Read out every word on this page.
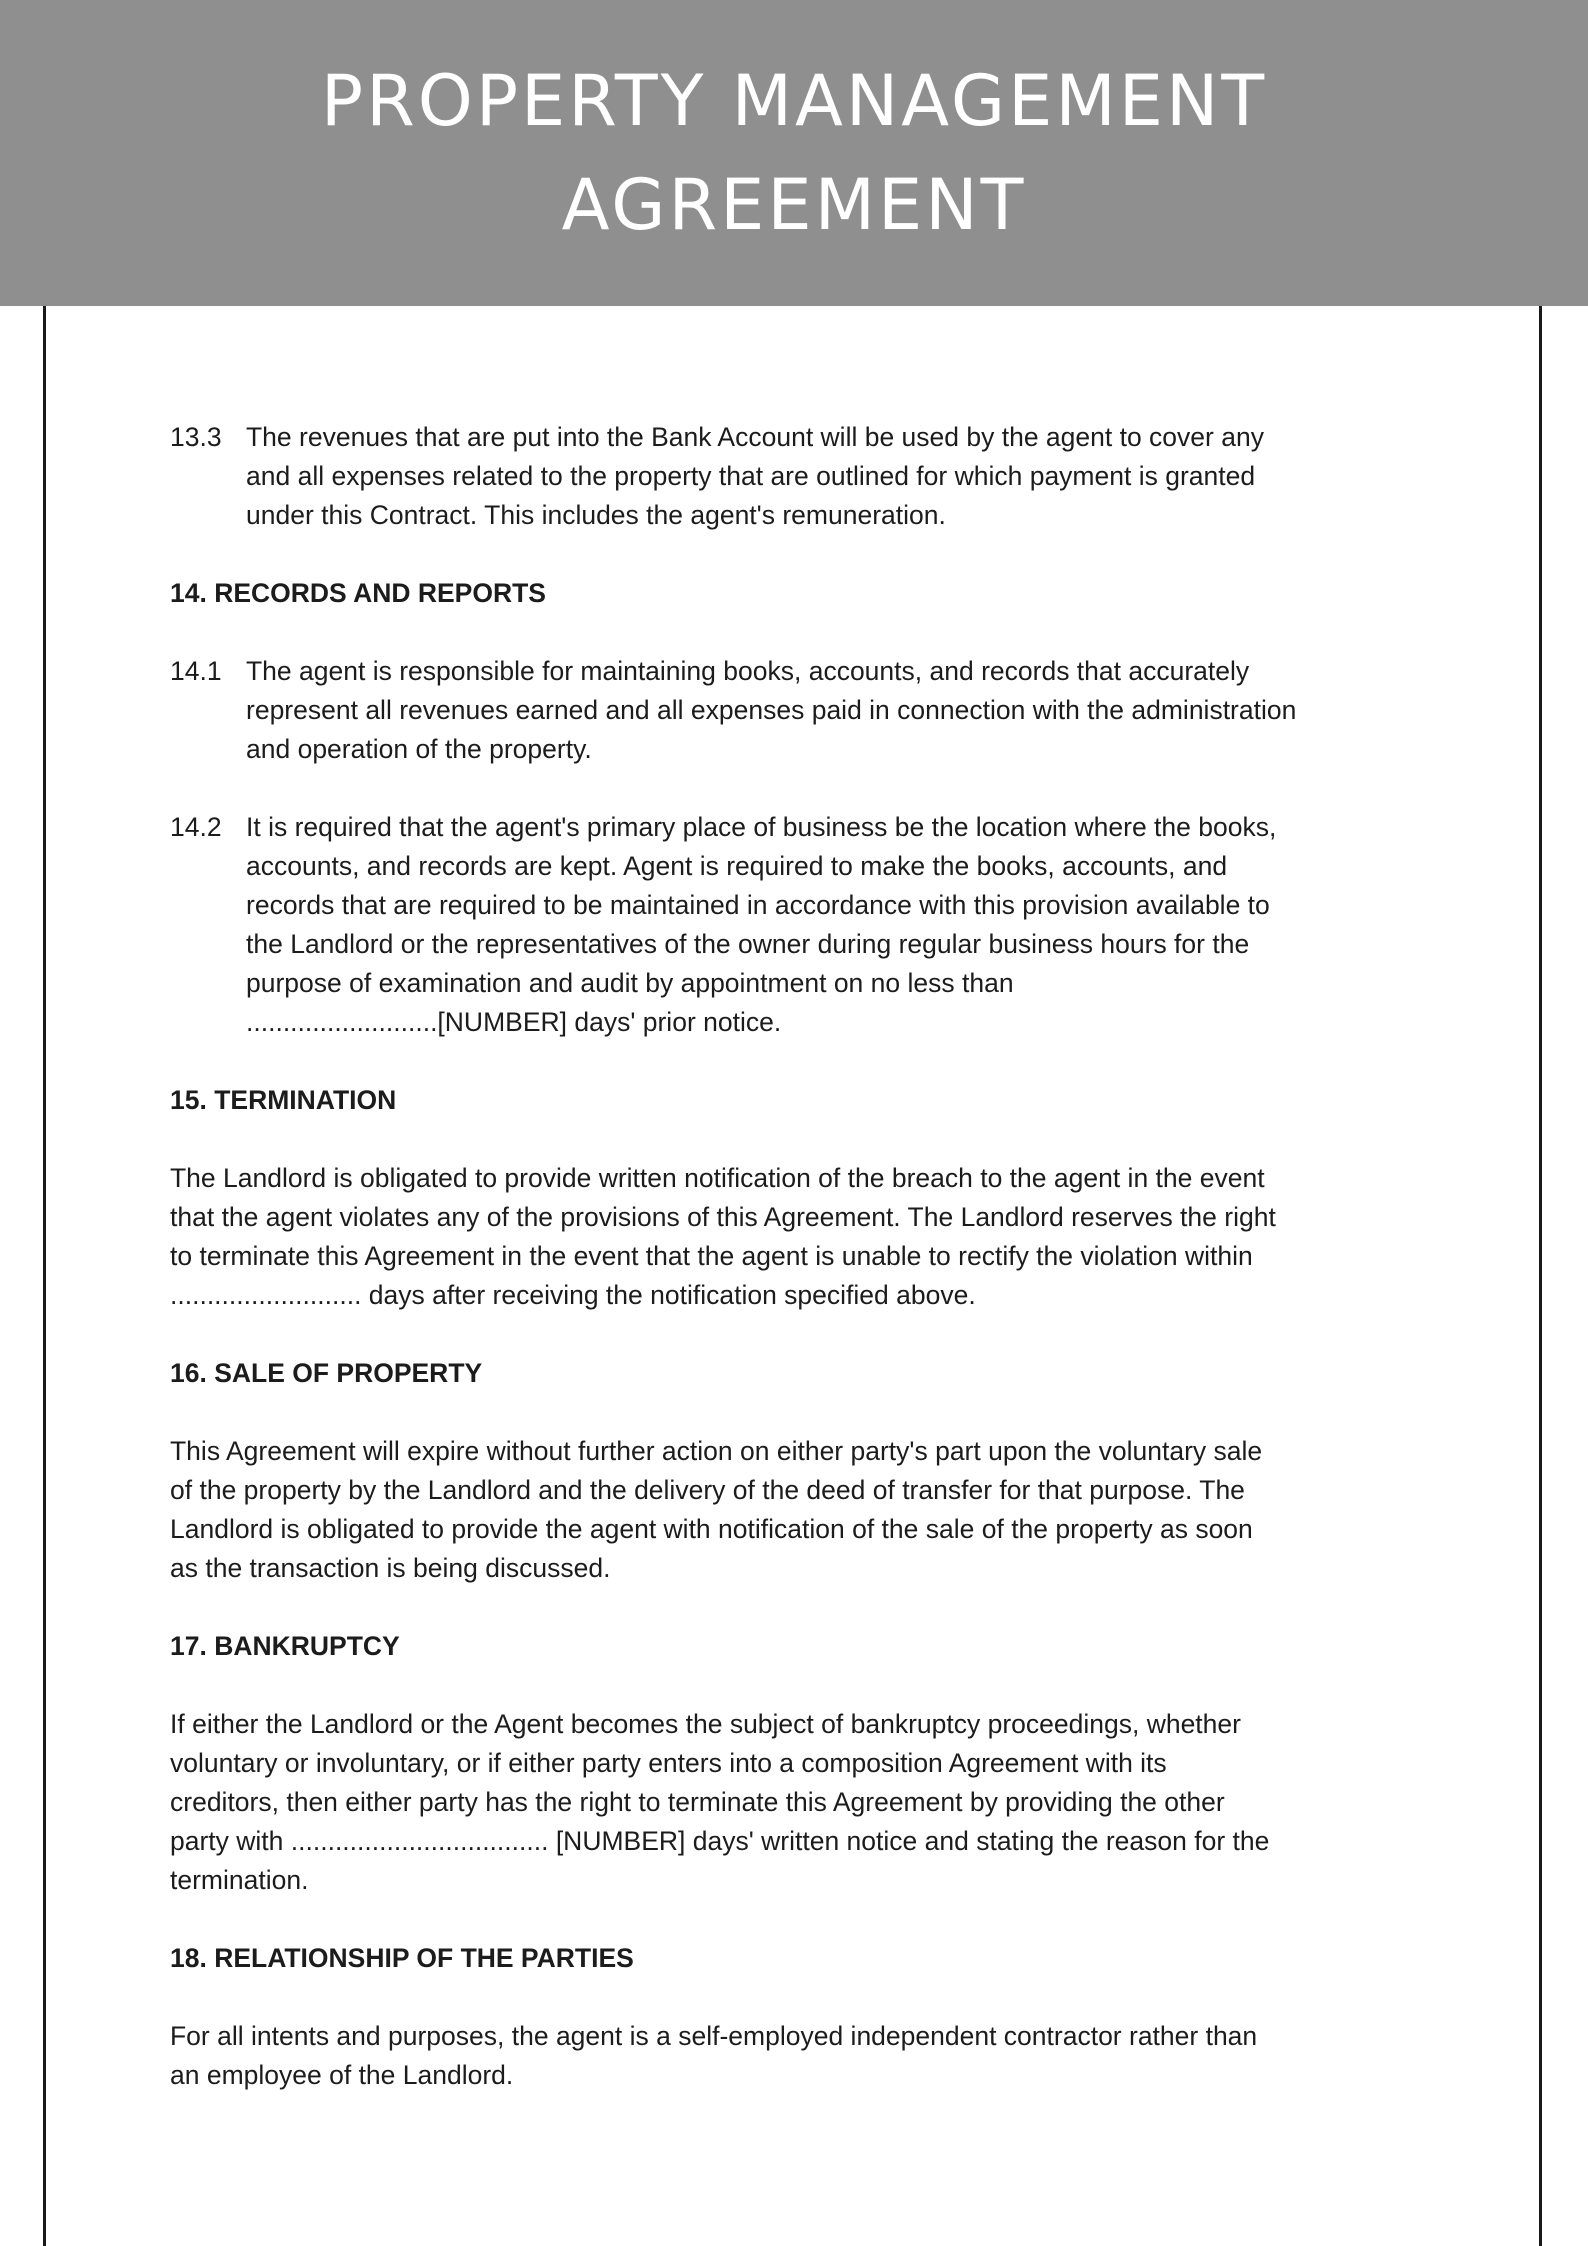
PROPERTY MANAGEMENT
AGREEMENT
13.3 The revenues that are put into the Bank Account will be used by the agent to cover any
and all expenses related to the property that are outlined for which payment is granted
under this Contract. This includes the agent's remuneration.
14. RECORDS AND REPORTS
14.1 The agent is responsible for maintaining books, accounts, and records that accurately
represent all revenues earned and all expenses paid in connection with the administration
and operation of the property.
14.2 It is required that the agent's primary place of business be the location where the books,
accounts, and records are kept. Agent is required to make the books, accounts, and
records that are required to be maintained in accordance with this provision available to
the Landlord or the representatives of the owner during regular business hours for the
purpose of examination and audit by appointment on no less than
..........................[NUMBER] days' prior notice.
15. TERMINATION
The Landlord is obligated to provide written notification of the breach to the agent in the event
that the agent violates any of the provisions of this Agreement. The Landlord reserves the right
to terminate this Agreement in the event that the agent is unable to rectify the violation within
.......................... days after receiving the notification specified above.
16. SALE OF PROPERTY
This Agreement will expire without further action on either party's part upon the voluntary sale
of the property by the Landlord and the delivery of the deed of transfer for that purpose. The
Landlord is obligated to provide the agent with notification of the sale of the property as soon
as the transaction is being discussed.
17. BANKRUPTCY
If either the Landlord or the Agent becomes the subject of bankruptcy proceedings, whether
voluntary or involuntary, or if either party enters into a composition Agreement with its
creditors, then either party has the right to terminate this Agreement by providing the other
party with ................................... [NUMBER] days' written notice and stating the reason for the
termination.
18. RELATIONSHIP OF THE PARTIES
For all intents and purposes, the agent is a self-employed independent contractor rather than
an employee of the Landlord.
